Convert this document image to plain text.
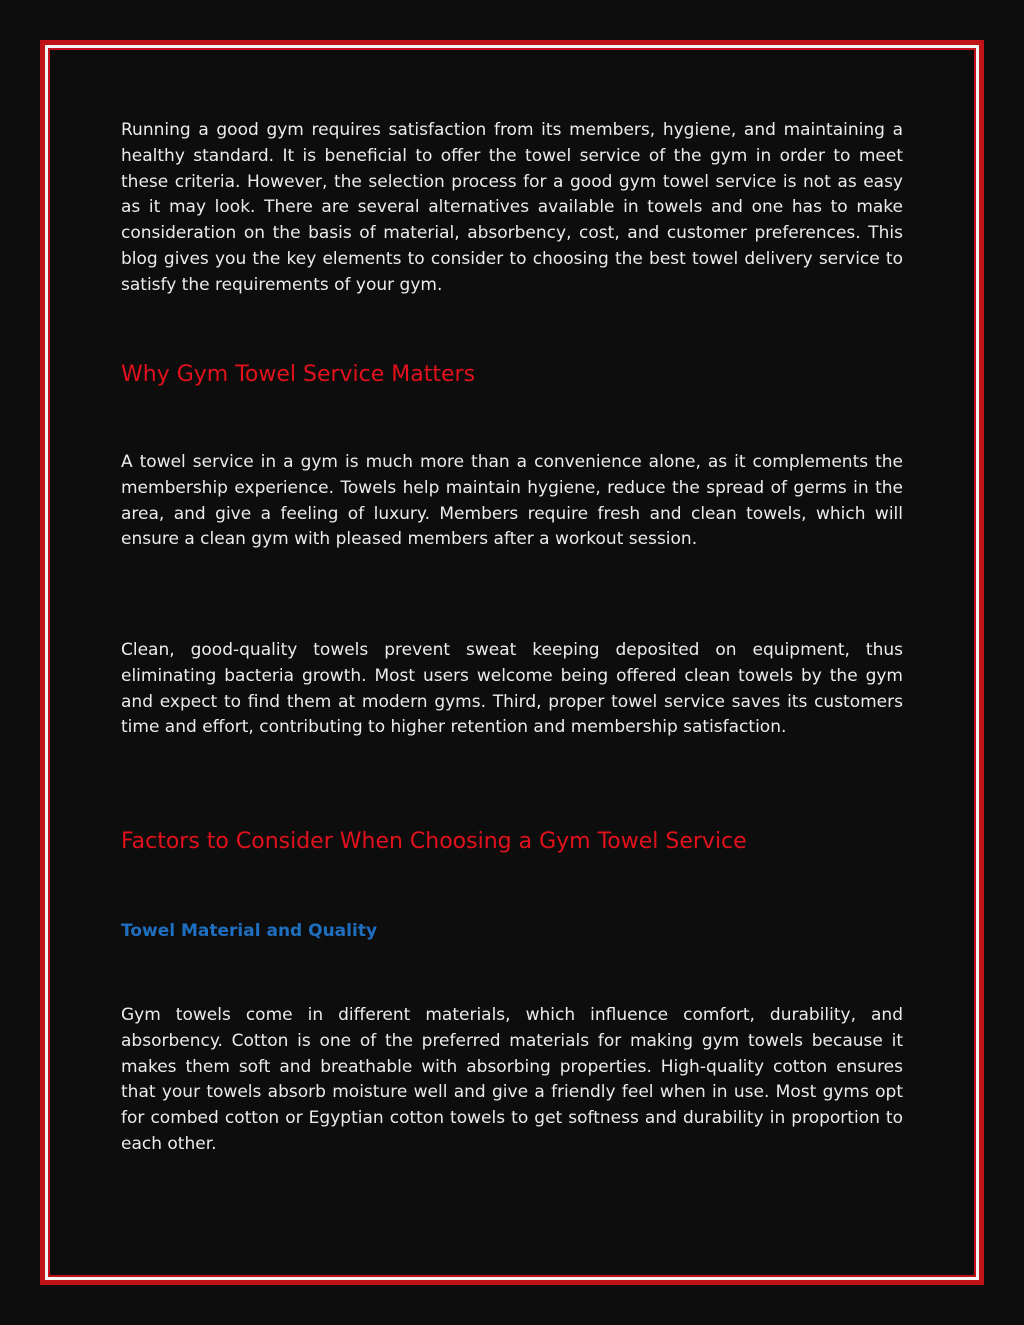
Running a good gym requires satisfaction from its members, hygiene, and maintaining a healthy standard. It is beneficial to offer the towel service of the gym in order to meet these criteria. However, the selection process for a good gym towel service is not as easy as it may look. There are several alternatives available in towels and one has to make consideration on the basis of material, absorbency, cost, and customer preferences. This blog gives you the key elements to consider to choosing the best towel delivery service to satisfy the requirements of your gym.

Why Gym Towel Service Matters

A towel service in a gym is much more than a convenience alone, as it complements the membership experience. Towels help maintain hygiene, reduce the spread of germs in the area, and give a feeling of luxury. Members require fresh and clean towels, which will ensure a clean gym with pleased members after a workout session.

Clean, good-quality towels prevent sweat keeping deposited on equipment, thus eliminating bacteria growth. Most users welcome being offered clean towels by the gym and expect to find them at modern gyms. Third, proper towel service saves its customers time and effort, contributing to higher retention and membership satisfaction.

Factors to Consider When Choosing a Gym Towel Service
Towel Material and Quality

Gym towels come in different materials, which influence comfort, durability, and absorbency. Cotton is one of the preferred materials for making gym towels because it makes them soft and breathable with absorbing properties. High-quality cotton ensures that your towels absorb moisture well and give a friendly feel when in use. Most gyms opt for combed cotton or Egyptian cotton towels to get softness and durability in proportion to each other.
